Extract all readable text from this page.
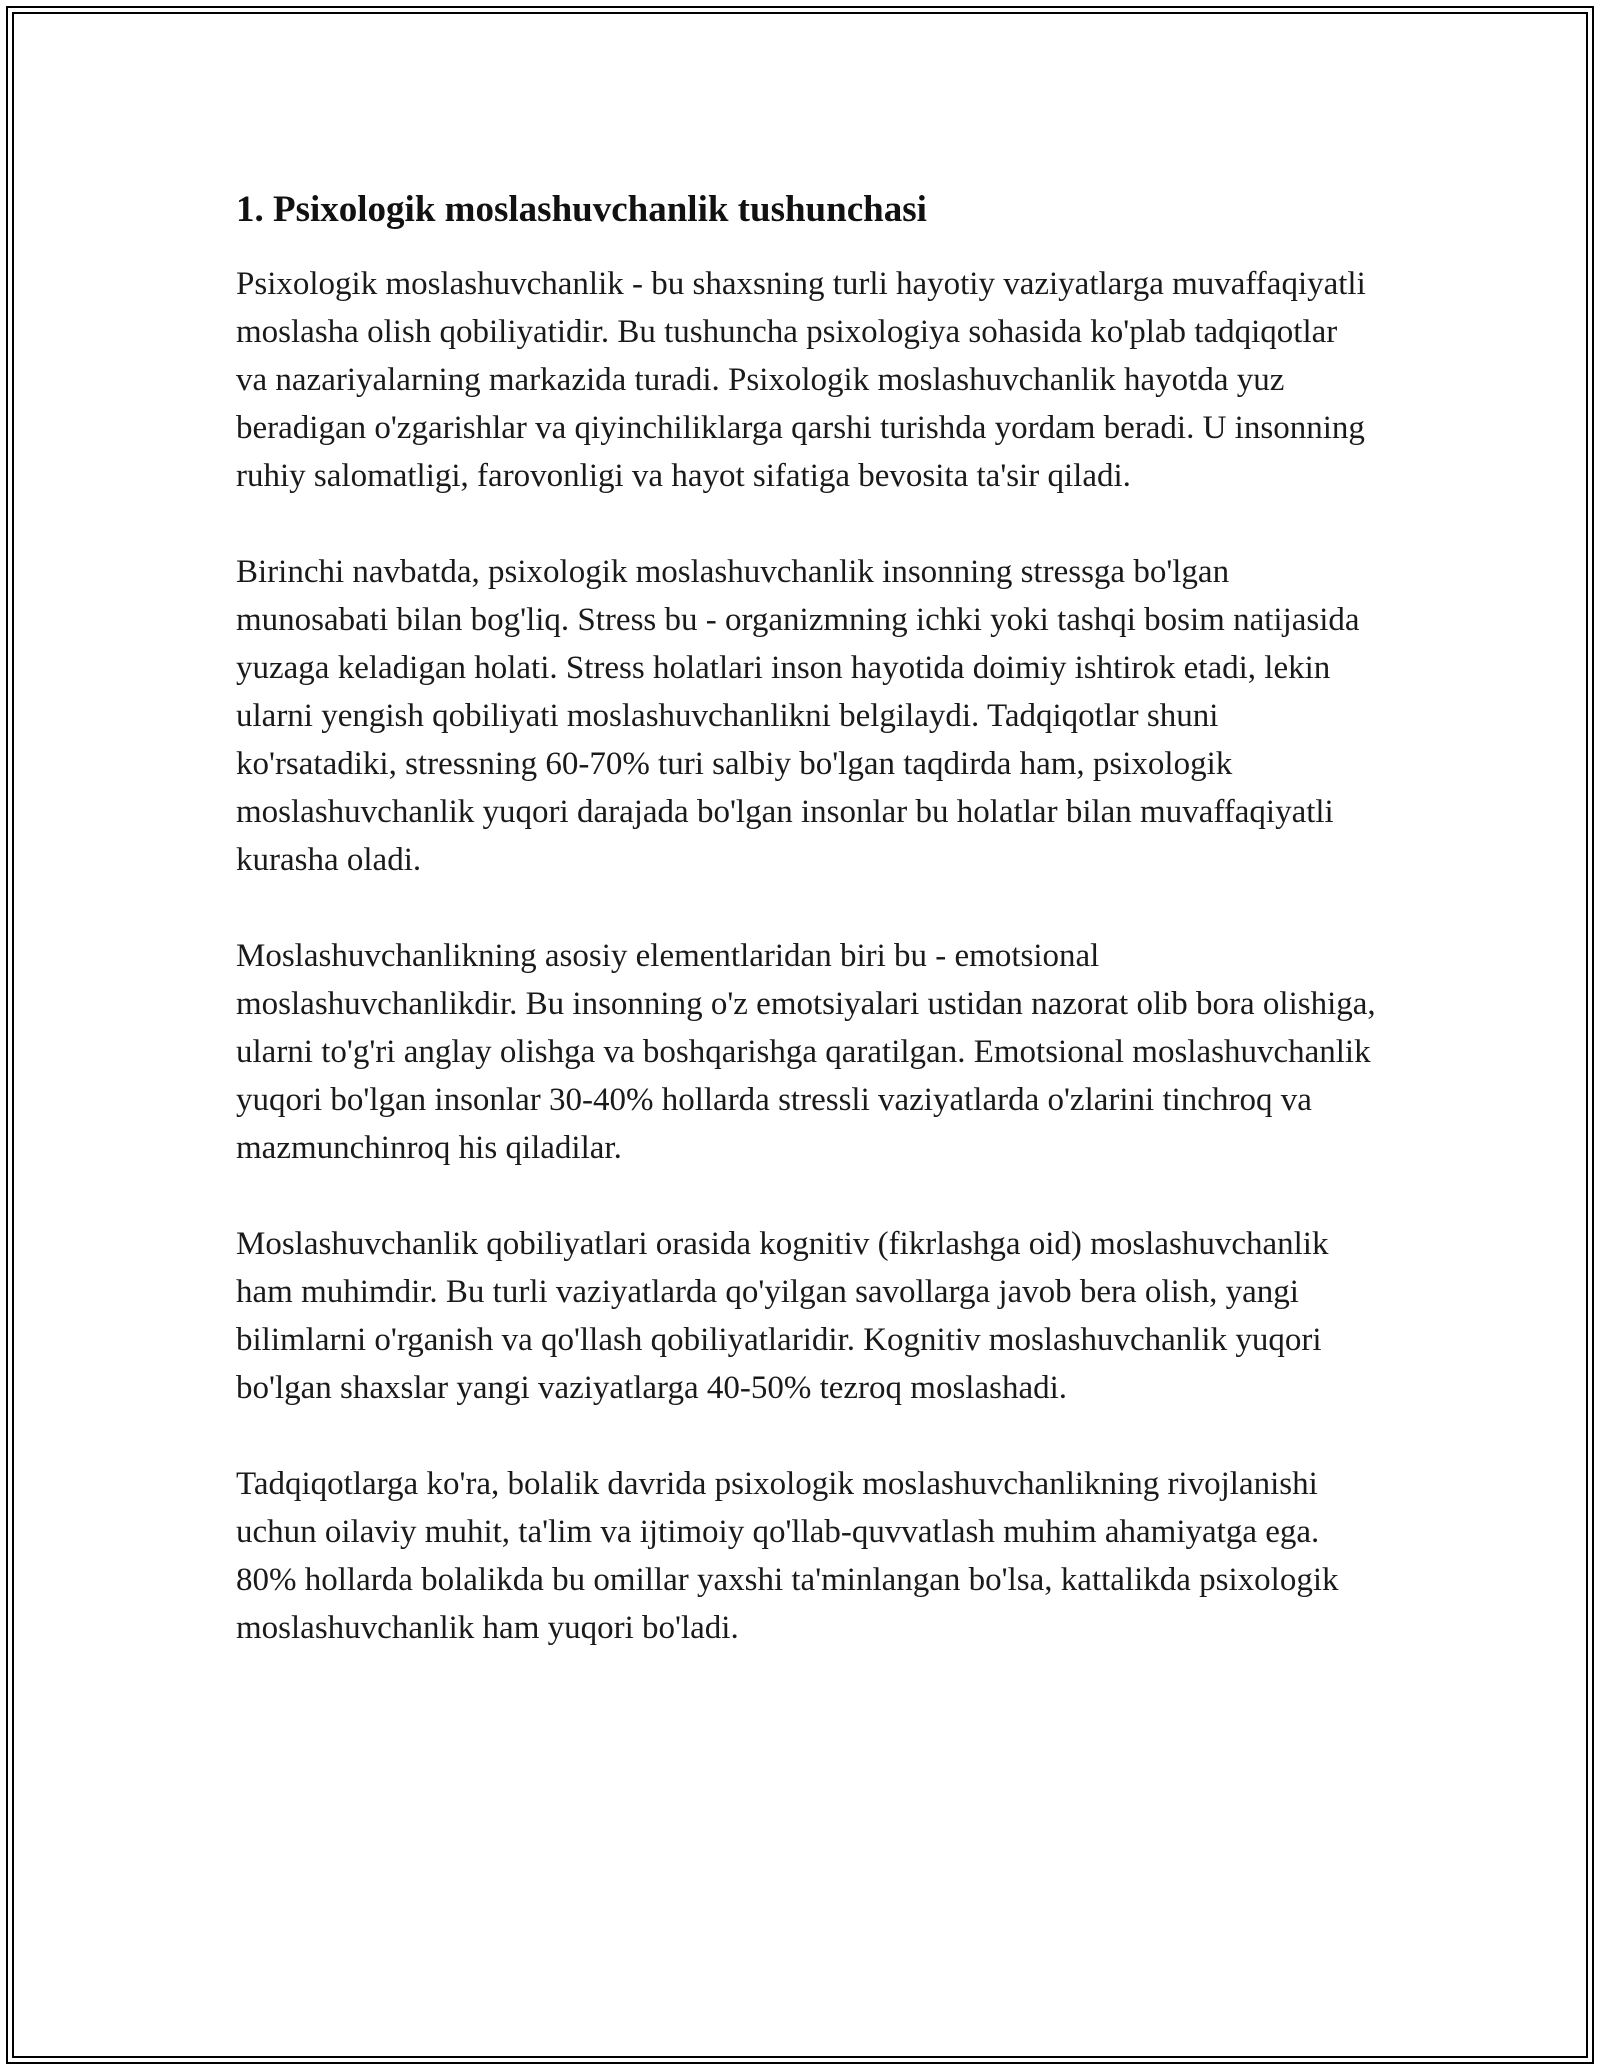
1. Psixologik moslashuvchanlik tushunchasi

Psixologik moslashuvchanlik - bu shaxsning turli hayotiy vaziyatlarga muvaffaqiyatli moslasha olish qobiliyatidir. Bu tushuncha psixologiya sohasida ko'plab tadqiqotlar va nazariyalarning markazida turadi. Psixologik moslashuvchanlik hayotda yuz beradigan o'zgarishlar va qiyinchiliklarga qarshi turishda yordam beradi. U insonning ruhiy salomatligi, farovonligi va hayot sifatiga bevosita ta'sir qiladi.

Birinchi navbatda, psixologik moslashuvchanlik insonning stressga bo'lgan munosabati bilan bog'liq. Stress bu - organizmning ichki yoki tashqi bosim natijasida yuzaga keladigan holati. Stress holatlari inson hayotida doimiy ishtirok etadi, lekin ularni yengish qobiliyati moslashuvchanlikni belgilaydi. Tadqiqotlar shuni ko'rsatadiki, stressning 60-70% turi salbiy bo'lgan taqdirda ham, psixologik moslashuvchanlik yuqori darajada bo'lgan insonlar bu holatlar bilan muvaffaqiyatli kurasha oladi.

Moslashuvchanlikning asosiy elementlaridan biri bu - emotsional moslashuvchanlikdir. Bu insonning o'z emotsiyalari ustidan nazorat olib bora olishiga, ularni to'g'ri anglay olishga va boshqarishga qaratilgan. Emotsional moslashuvchanlik yuqori bo'lgan insonlar 30-40% hollarda stressli vaziyatlarda o'zlarini tinchroq va mazmunchinroq his qiladilar.

Moslashuvchanlik qobiliyatlari orasida kognitiv (fikrlashga oid) moslashuvchanlik ham muhimdir. Bu turli vaziyatlarda qo'yilgan savollarga javob bera olish, yangi bilimlarni o'rganish va qo'llash qobiliyatlaridir. Kognitiv moslashuvchanlik yuqori bo'lgan shaxslar yangi vaziyatlarga 40-50% tezroq moslashadi.

Tadqiqotlarga ko'ra, bolalik davrida psixologik moslashuvchanlikning rivojlanishi uchun oilaviy muhit, ta'lim va ijtimoiy qo'llab-quvvatlash muhim ahamiyatga ega. 80% hollarda bolalikda bu omillar yaxshi ta'minlangan bo'lsa, kattalikda psixologik moslashuvchanlik ham yuqori bo'ladi.
